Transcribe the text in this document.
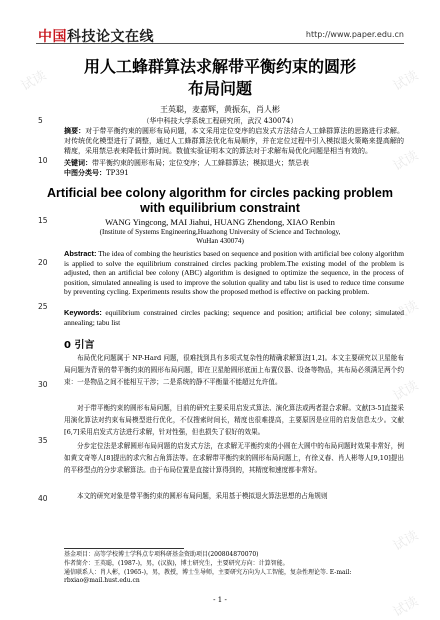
试读	试读
试读
试读
试读
试读
试读
中国科技论文在线	http://www.paper.edu.cn
用人工蜂群算法求解带平衡约束的圆形
布局问题
王英聪，麦嘉辉，黄振东，肖人彬
（华中科技大学系统工程研究所，武汉 430074）
5
10
15
20
25
30
35
40
摘要：对于带平衡约束的圆形布局问题，本文采用定位变序的启发式方法结合人工蜂群算法的思路进行求解。对传统优化模型进行了调整，通过人工蜂群算法优化布局顺序，并在定位过程中引入模拟退火策略来提高解的精度，采用禁忌表来降低计算时间。数值实验证明本文的算法对于求解布局优化问题是相当有效的。
关键词：带平衡约束的圆形布局；定位变序；人工蜂群算法；模拟退火；禁忌表
中图分类号：TP391
Artificial bee colony algorithm for circles packing problem
with equilibrium constraint
WANG Yingcong, MAI Jiahui, HUANG Zhendong, XIAO Renbin
(Institute of Systems Engineering,Huazhong University of Science and Technology,
WuHan 430074)
Abstract: The idea of combing the heuristics based on sequence and position with artificial bee colony algorithm is applied to solve the equilibrium constrained circles packing problem.The existing model of the problem is adjusted, then an artificial bee colony (ABC) algorithm is designed to optimize the sequence, in the process of position, simulated annealing is used to improve the solution quality and tabu list is used to reduce time consume by preventing cycling. Experiments results show the proposed method is effective on packing problem.
Keywords: equilibrium constrained circles packing; sequence and position; artificial bee colony; simulated annealing; tabu list
0 引言
布局优化问题属于 NP-Hard 问题，很难找到具有多项式复杂性的精确求解算法[1,2]。本文主要研究以卫星舱布局问题为背景的带平衡约束的圆形布局问题，即在卫星舱圆形底面上布置仪器、设备等物品，其布局必须满足两个约束：一是物品之间不能相互干涉；二是系统的静不平衡量不能超过允许值。
对于带平衡约束的圆形布局问题，目前的研究主要采用启发式算法、演化算法或两者混合求解。文献[3-5]直接采用演化算法对约束布局模型进行优化，不仅搜索时间长，精度也很难提高，主要原因是应用的启发信息太少。文献[6,7]采用启发式方法进行求解，针对性强，但也损失了很好的效果。
分步定位法是求解圆形布局问题的启发式方法，在求解无平衡约束的小圆在大圆中的布局问题时效果非常好，例如黄文奇等人[8]提出的求穴和占角算法等。在求解带平衡约束的圆形布局问题上，有徐义春、肖人彬等人[9,10]提出的平移型点的分步求解算法。由于布局位置是直接计算得到的，其精度和速度都非常好。
本文的研究对象是带平衡约束的圆形布局问题，采用基于模拟退火算法思想的占角规则
基金项目：高等学校博士学科点专项科研基金资助项目(200804870070)
作者简介：王英聪，(1987-)，男，(汉族)，博士研究生，主要研究方向：计算智能。
通信联系人：肖人彬，(1965-)，男，教授，博士生导师，主要研究方向为人工智能，复杂性理论等. E-mail: rbxiao@mail.hust.edu.cn
- 1 -
